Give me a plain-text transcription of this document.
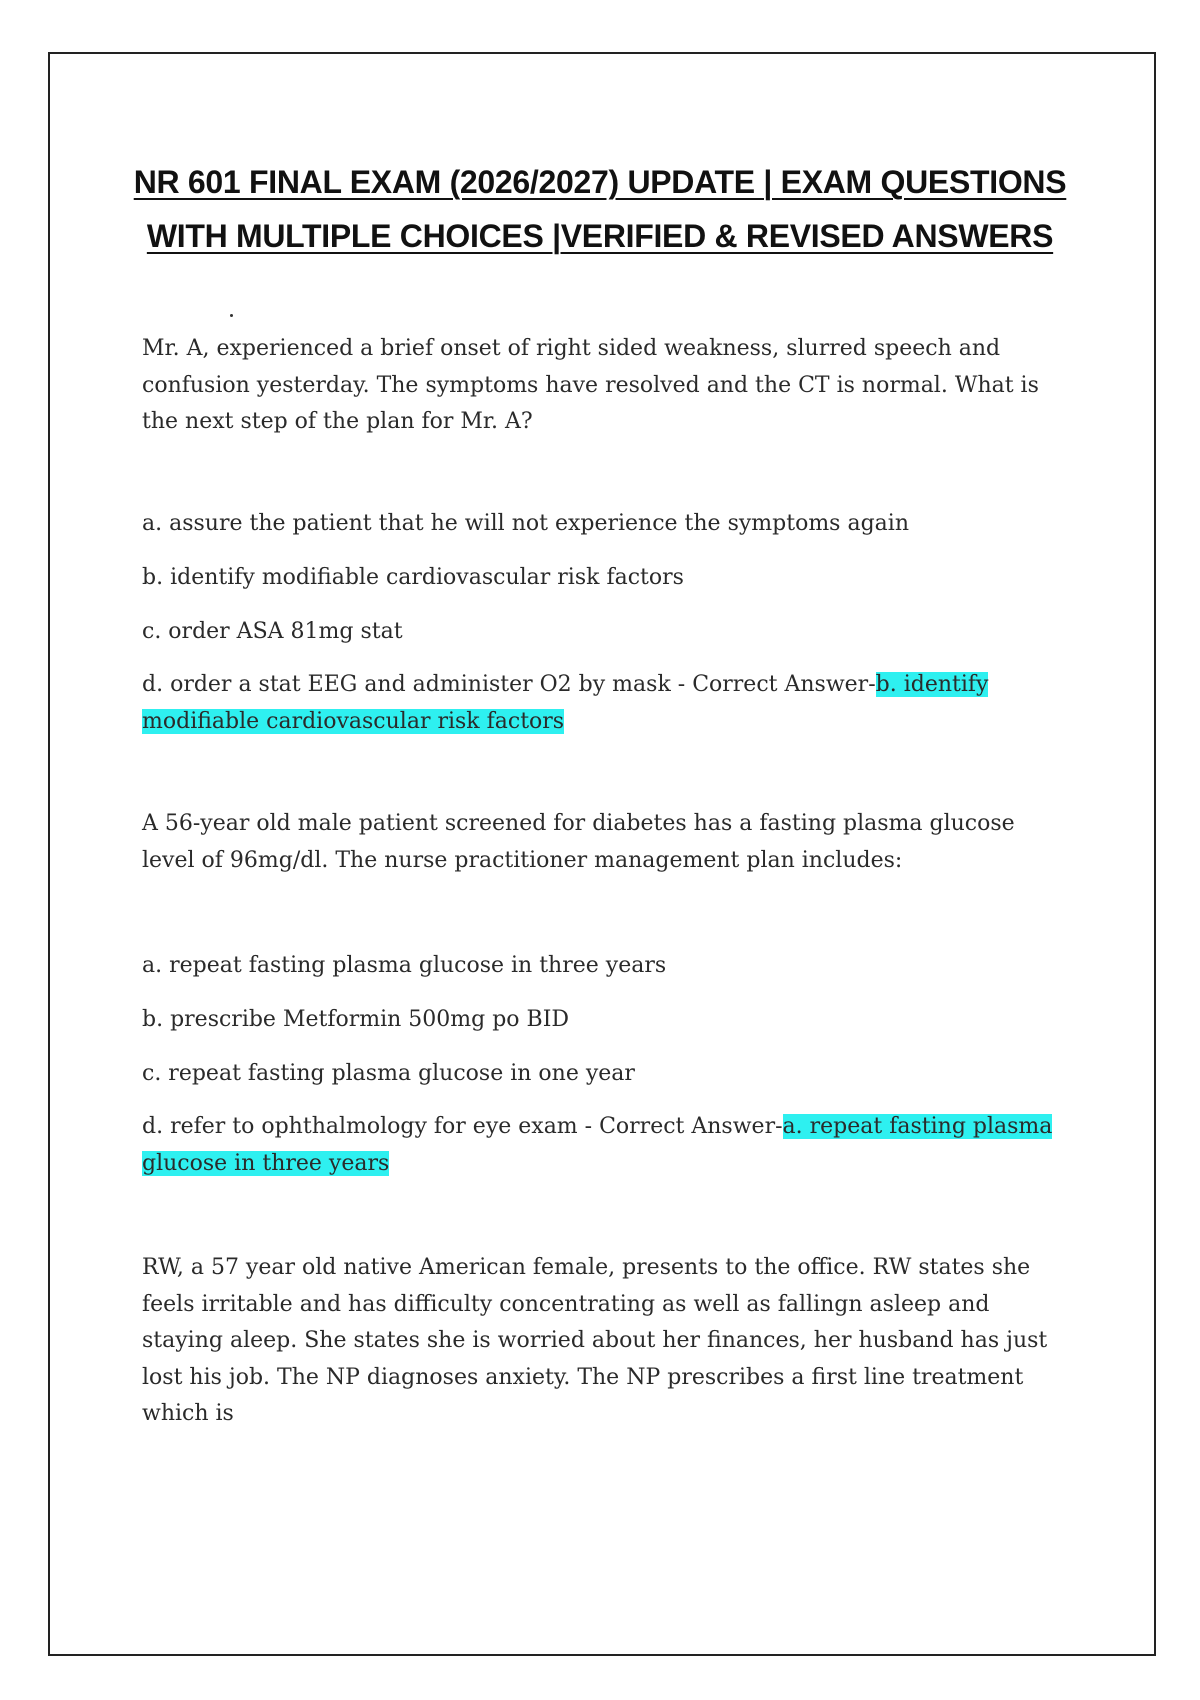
NR 601 FINAL EXAM (2026/2027) UPDATE | EXAM QUESTIONS
WITH MULTIPLE CHOICES |VERIFIED & REVISED ANSWERS
Mr. A, experienced a brief onset of right sided weakness, slurred speech and confusion yesterday. The symptoms have resolved and the CT is normal. What is the next step of the plan for Mr. A?
a. assure the patient that he will not experience the symptoms again
b. identify modifiable cardiovascular risk factors
c. order ASA 81mg stat
d. order a stat EEG and administer O2 by mask - Correct Answer-b. identify modifiable cardiovascular risk factors
A 56-year old male patient screened for diabetes has a fasting plasma glucose level of 96mg/dl. The nurse practitioner management plan includes:
a. repeat fasting plasma glucose in three years
b. prescribe Metformin 500mg po BID
c. repeat fasting plasma glucose in one year
d. refer to ophthalmology for eye exam - Correct Answer-a. repeat fasting plasma glucose in three years
RW, a 57 year old native American female, presents to the office. RW states she feels irritable and has difficulty concentrating as well as fallingn asleep and staying aleep. She states she is worried about her finances, her husband has just lost his job. The NP diagnoses anxiety. The NP prescribes a first line treatment which is
